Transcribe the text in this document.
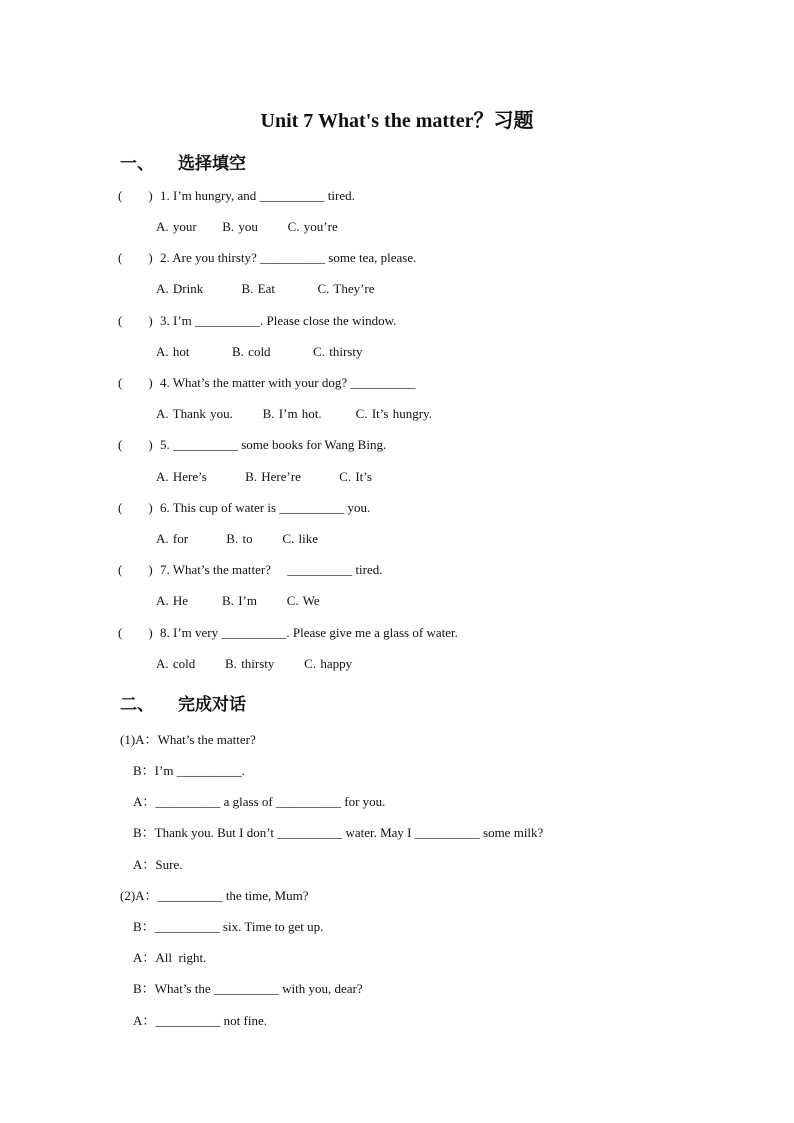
Unit 7 What's the matter？习题
一、 选择填空
(        ) 1. I’m hungry, and __________ tired.
A. your      B. you       C. you’re
(        ) 2. Are you thirsty? __________ some tea, please.
A. Drink         B. Eat          C. They’re
(        ) 3. I’m __________. Please close the window.
A. hot          B. cold          C. thirsty
(        ) 4. What’s the matter with your dog? __________
A. Thank you.       B. I’m hot.        C. It’s hungry.
(        ) 5. __________ some books for Wang Bing.
A. Here’s         B. Here’re         C. It’s
(        ) 6. This cup of water is __________ you.
A. for         B. to       C. like
(        ) 7. What’s the matter?     __________ tired.
A. He        B. I’m       C. We
(        ) 8. I’m very __________. Please give me a glass of water.
A. cold       B. thirsty       C. happy
二、 完成对话
(1)A：What’s the matter?
B：I’m __________.
A：__________ a glass of __________ for you.
B：Thank you. But I don’t __________ water. May I __________ some milk?
A：Sure.
(2)A：__________ the time, Mum?
B：__________ six. Time to get up.
A：All  right.
B：What’s the __________ with you, dear?
A：__________ not fine.
